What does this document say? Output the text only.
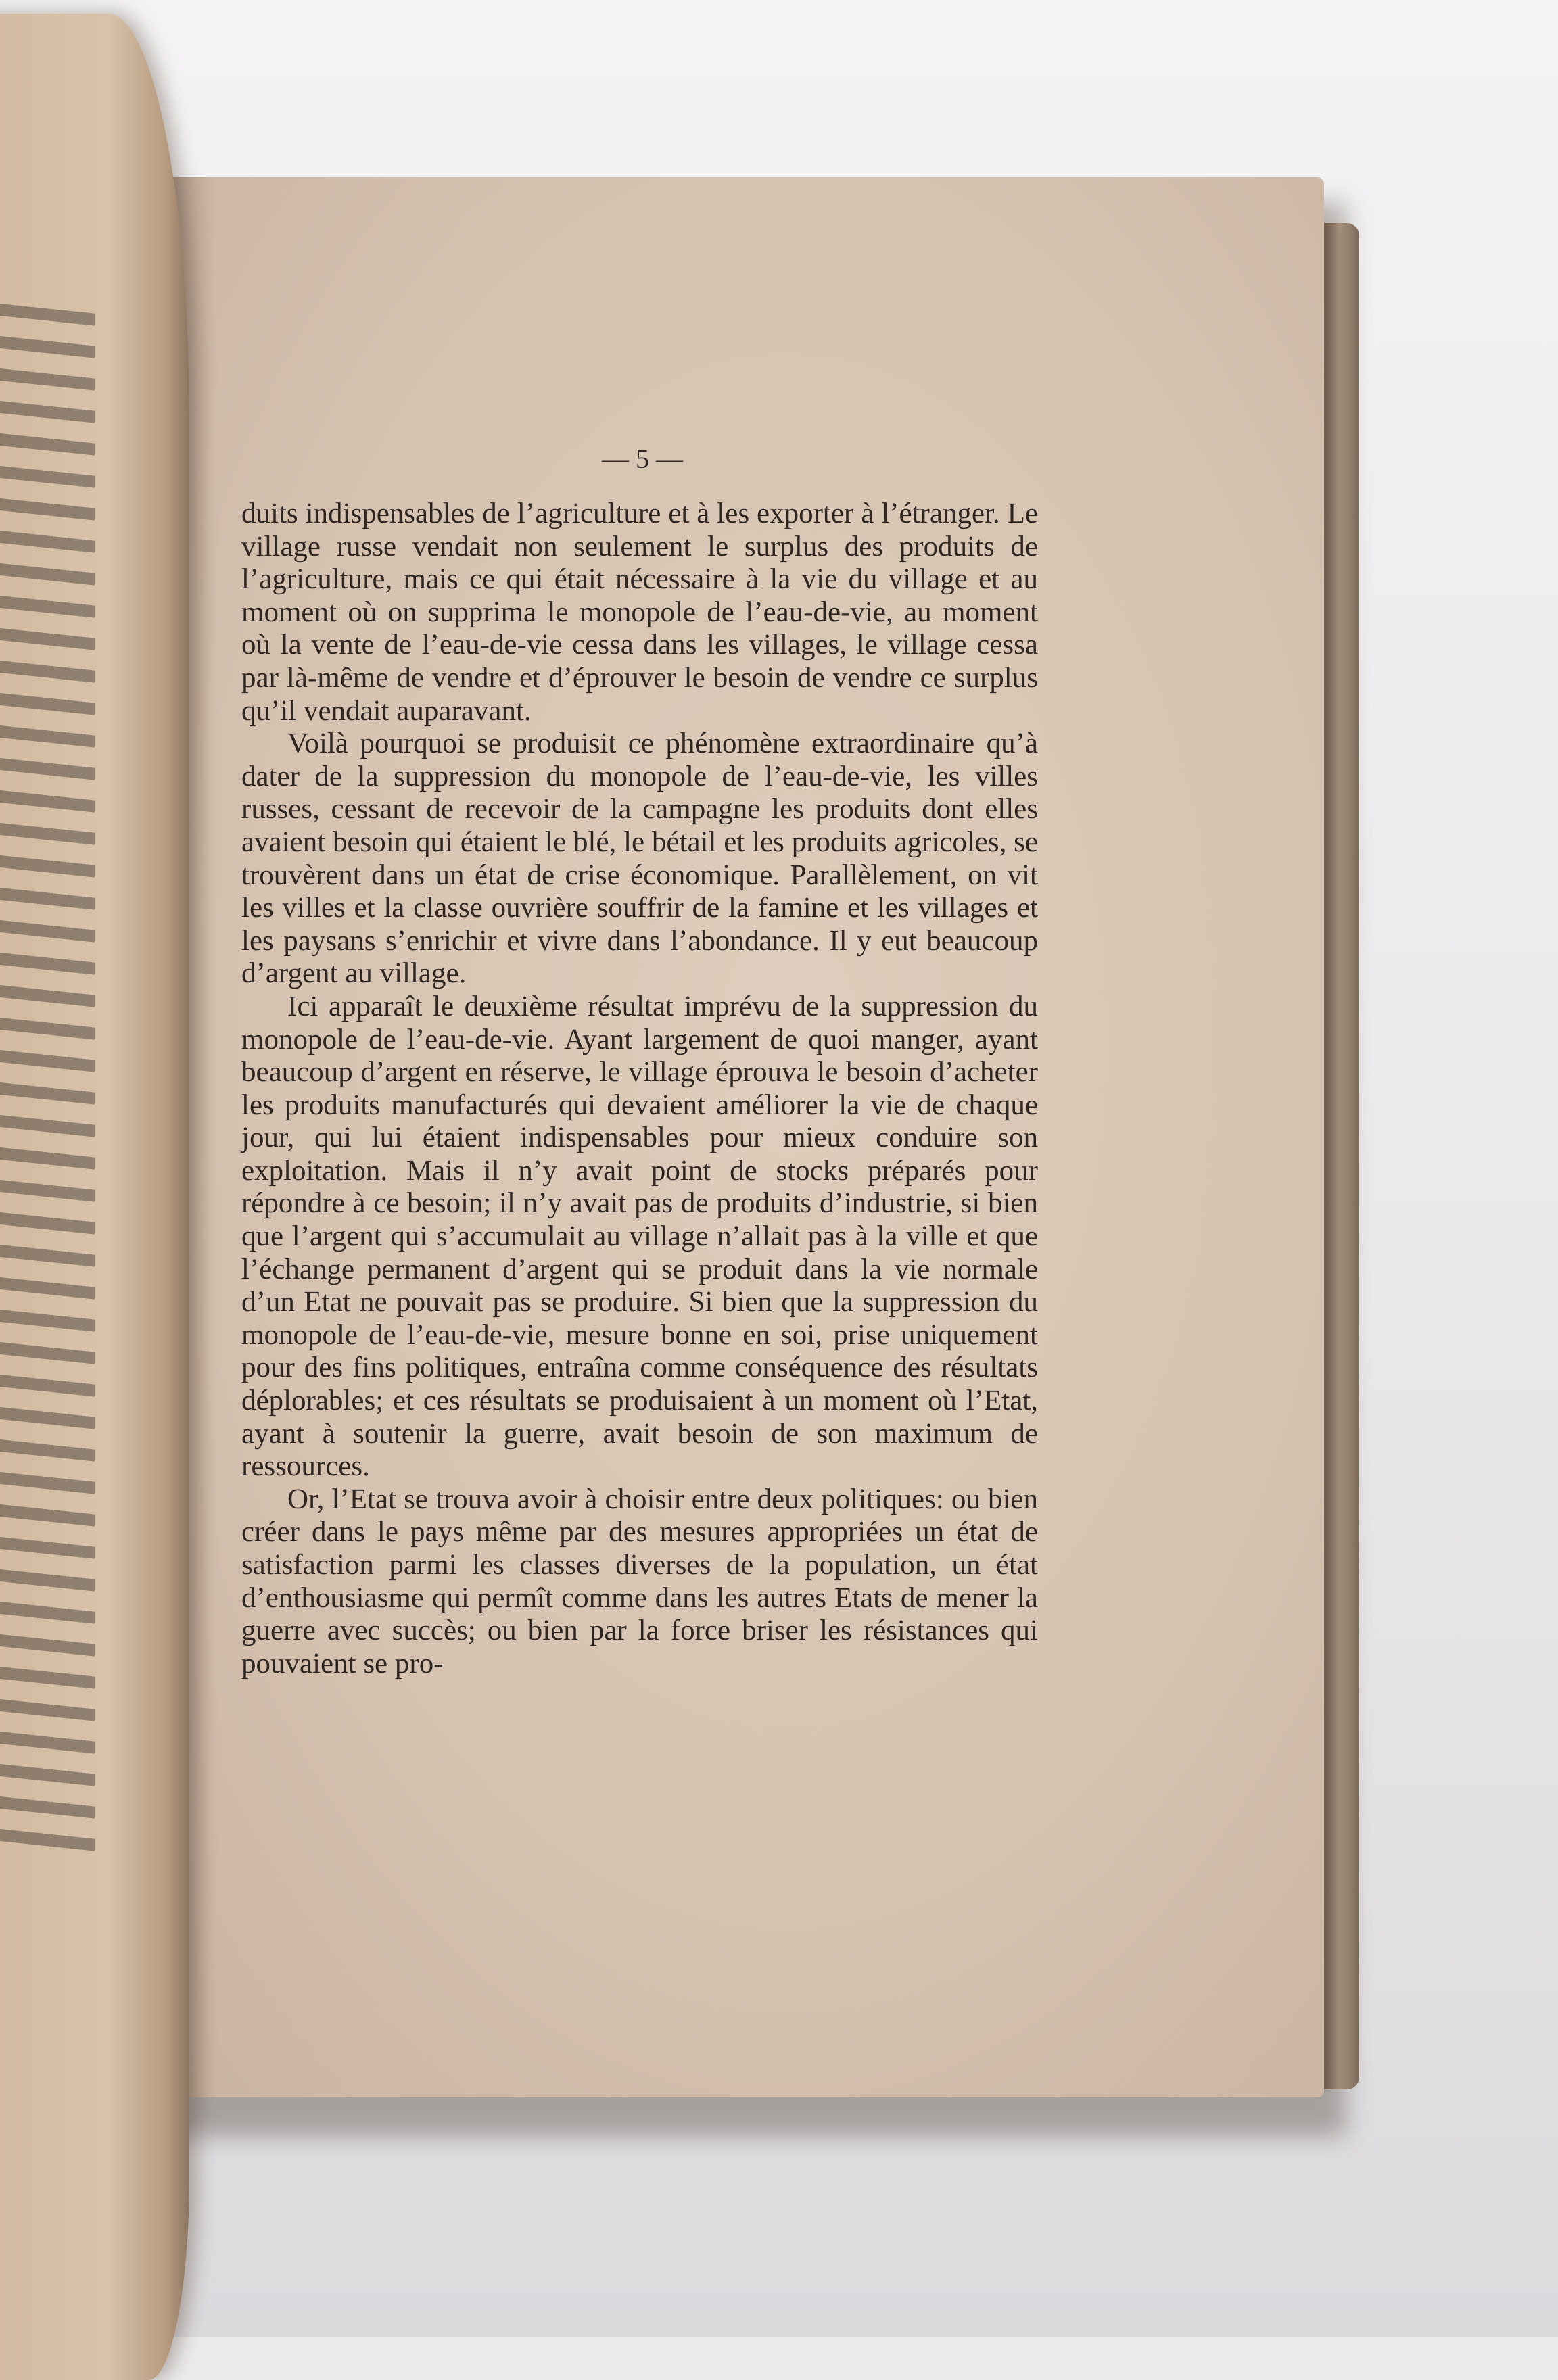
— 5 —

duits indispensables de l’agriculture et à les exporter à l’étranger. Le village russe vendait non seulement le surplus des produits de l’agriculture, mais ce qui était nécessaire à la vie du village et au moment où on supprima le monopole de l’eau-de-vie, au moment où la vente de l’eau-de-vie cessa dans les villages, le village cessa par là-même de vendre et d’éprouver le besoin de vendre ce surplus qu’il vendait auparavant.

Voilà pourquoi se produisit ce phénomène extraordinaire qu’à dater de la suppression du monopole de l’eau-de-vie, les villes russes, cessant de recevoir de la campagne les produits dont elles avaient besoin qui étaient le blé, le bétail et les produits agricoles, se trouvèrent dans un état de crise économique. Parallèlement, on vit les villes et la classe ouvrière souffrir de la famine et les villages et les paysans s’enrichir et vivre dans l’abondance. Il y eut beaucoup d’argent au village.

Ici apparaît le deuxième résultat imprévu de la suppression du monopole de l’eau-de-vie. Ayant largement de quoi manger, ayant beaucoup d’argent en réserve, le village éprouva le besoin d’acheter les produits manufacturés qui devaient améliorer la vie de chaque jour, qui lui étaient indispensables pour mieux conduire son exploitation. Mais il n’y avait point de stocks préparés pour répondre à ce besoin; il n’y avait pas de produits d’industrie, si bien que l’argent qui s’accumulait au village n’allait pas à la ville et que l’échange permanent d’argent qui se produit dans la vie normale d’un Etat ne pouvait pas se produire. Si bien que la suppression du monopole de l’eau-de-vie, mesure bonne en soi, prise uniquement pour des fins politiques, entraîna comme conséquence des résultats déplorables; et ces résultats se produisaient à un moment où l’Etat, ayant à soutenir la guerre, avait besoin de son maximum de ressources.

Or, l’Etat se trouva avoir à choisir entre deux politiques: ou bien créer dans le pays même par des mesures appropriées un état de satisfaction parmi les classes diverses de la population, un état d’enthousiasme qui permît comme dans les autres Etats de mener la guerre avec succès; ou bien par la force briser les résistances qui pouvaient se pro-
